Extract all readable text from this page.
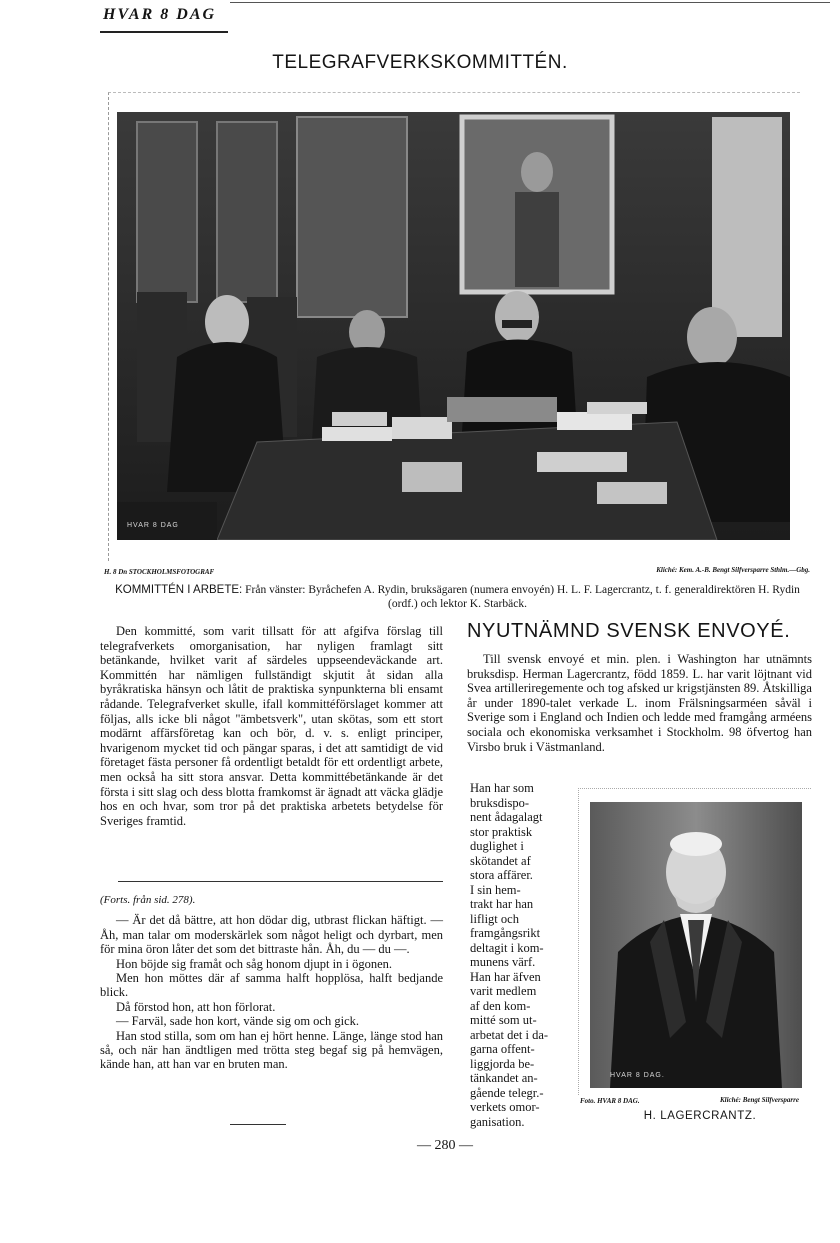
HVAR 8 DAG
TELEGRAFVERKSKOMMITTÉN.
HVAR 8 DAG
H. 8 Dn STOCKHOLMSFOTOGRAF	Kliché: Kem. A.-B. Bengt Silfversparre Sthlm.—Gbg.
KOMMITTÉN I ARBETE: Från vänster: Byråchefen A. Rydin, bruksägaren (numera envoyén) H. L. F. Lagercrantz, t. f. generaldirektören H. Rydin (ordf.) och lektor K. Starbäck.

Den kommitté, som varit tillsatt för att afgifva förslag till telegrafverkets omorganisation, har nyligen framlagt sitt betänkande, hvilket varit af särdeles uppseendeväckande art. Kommittén har nämligen fullständigt skjutit åt sidan alla byråkratiska hänsyn och låtit de praktiska synpunkterna bli ensamt rådande. Telegrafverket skulle, ifall kommittéförslaget kommer att följas, alls icke bli något "ämbetsverk", utan skötas, som ett stort modärnt affärsföretag kan och bör, d. v. s. enligt principer, hvarigenom mycket tid och pängar sparas, i det att samtidigt de vid företaget fästa personer få ordentligt betaldt för ett ordentligt arbete, men också ha sitt stora ansvar. Detta kommittébetänkande är det första i sitt slag och dess blotta framkomst är ägnadt att väcka glädje hos en och hvar, som tror på det praktiska arbetets betydelse för Sveriges framtid.

(Forts. från sid. 278).

— Är det då bättre, att hon dödar dig, utbrast flickan häftigt. — Åh, man talar om moderskärlek som något heligt och dyrbart, men för mina öron låter det som det bittraste hån. Åh, du — du —.

Hon böjde sig framåt och såg honom djupt in i ögonen.

Men hon möttes där af samma halft hopplösa, halft bedjande blick.

Då förstod hon, att hon förlorat.

— Farväl, sade hon kort, vände sig om och gick.

Han stod stilla, som om han ej hört henne. Länge, länge stod han så, och när han ändtligen med trötta steg begaf sig på hemvägen, kände han, att han var en bruten man.

NYUTNÄMND SVENSK ENVOYÉ.

Till svensk envoyé et min. plen. i Washington har utnämnts bruksdisp. Herman Lagercrantz, född 1859. L. har varit löjtnant vid Svea artilleriregemente och tog afsked ur krigstjänsten 89. Åtskilliga år under 1890-talet verkade L. inom Frälsningsarméen såväl i Sverige som i England och Indien och ledde med framgång arméens sociala och ekonomiska verksamhet i Stockholm. 98 öfvertog han Virsbo bruk i Västmanland.

Han har som

bruksdispo-

nent ådagalagt

stor praktisk

duglighet i

skötandet af

stora affärer.

I sin hem-

trakt har han

lifligt och

framgångsrikt

deltagit i kom-

munens värf.

Han har äfven

varit medlem

af den kom-

mitté som ut-

arbetat det i da-

garna offent-

liggjorda be-

tänkandet an-

gående telegr.-

verkets omor-

ganisation.

HVAR 8 DAG.
Foto. HVAR 8 DAG.	Kliché: Bengt Silfversparre
H. LAGERCRANTZ.
— 280 —
